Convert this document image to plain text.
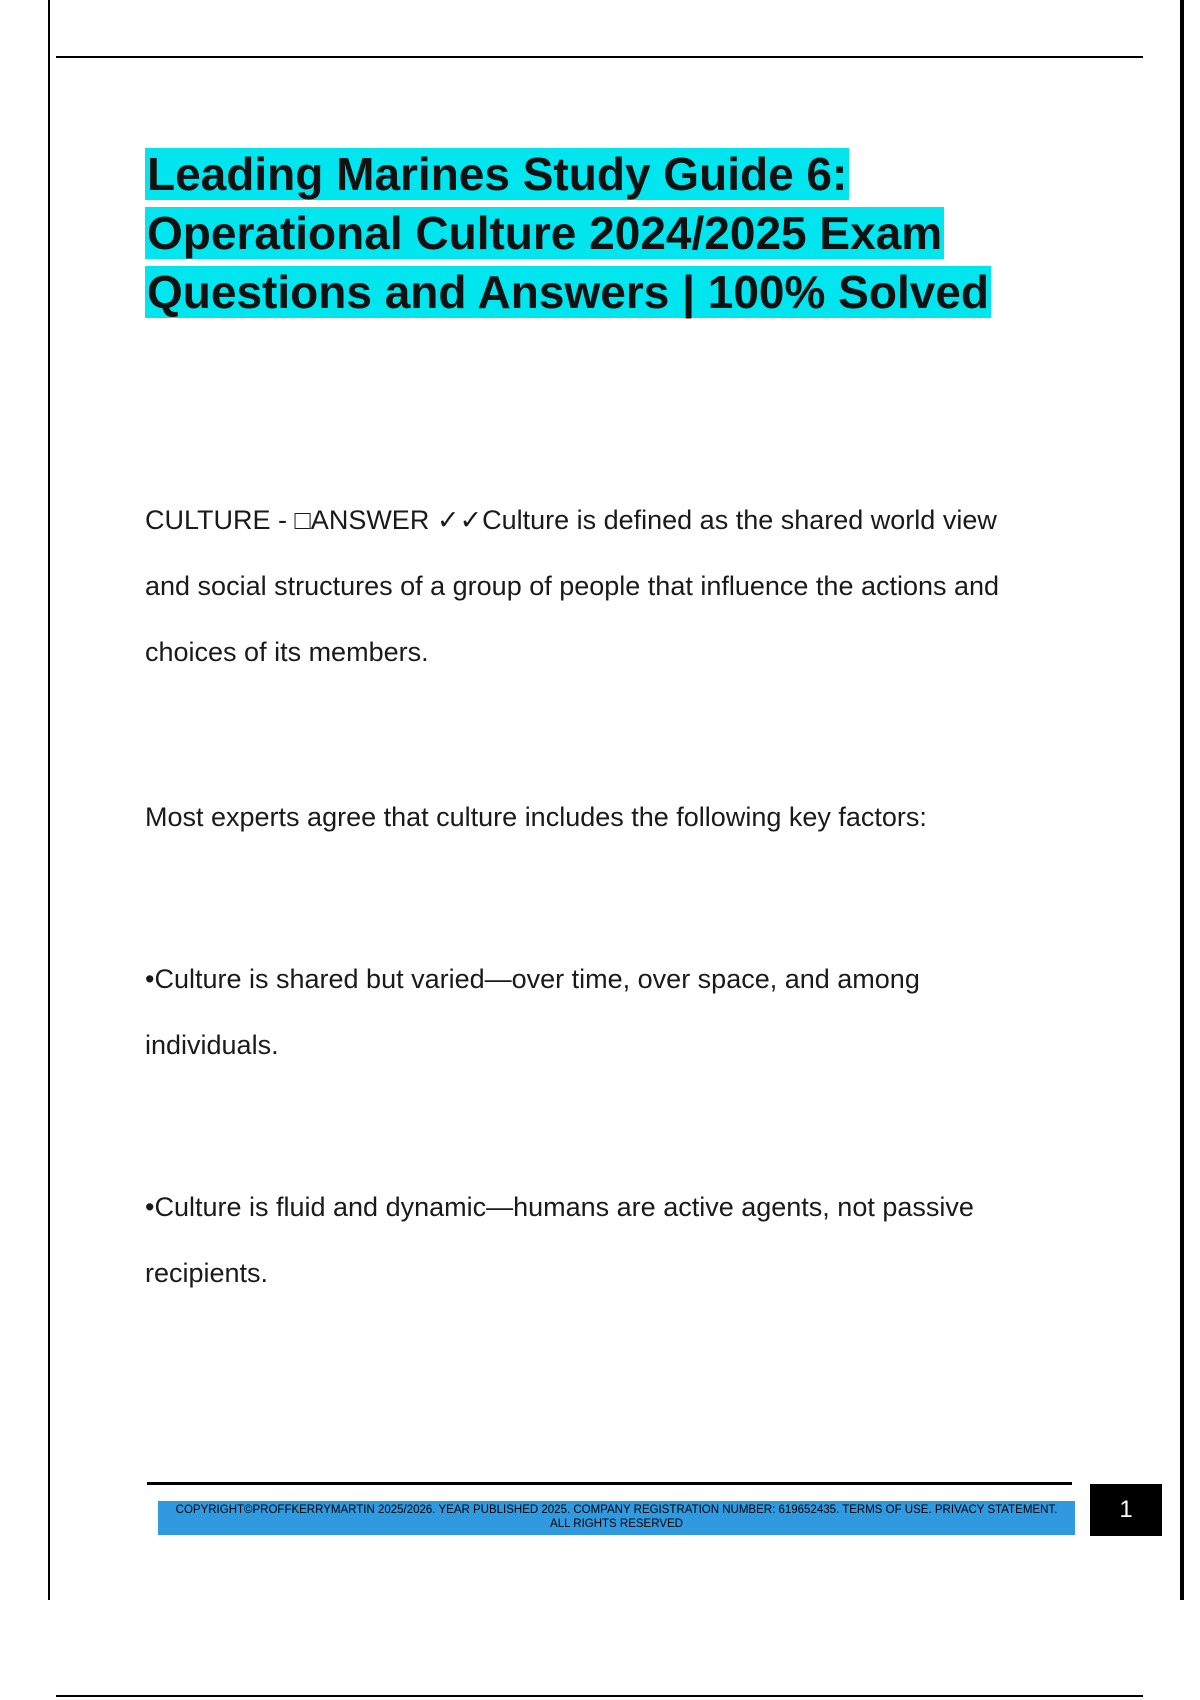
Leading Marines Study Guide 6:
Operational Culture 2024/2025 Exam
Questions and Answers | 100% Solved

CULTURE - □ANSWER ✓✓Culture is defined as the shared world view and social structures of a group of people that influence the actions and choices of its members.

Most experts agree that culture includes the following key factors:

•Culture is shared but varied—over time, over space, and among individuals.

•Culture is fluid and dynamic—humans are active agents, not passive recipients.

COPYRIGHT©PROFFKERRYMARTIN 2025/2026. YEAR PUBLISHED 2025. COMPANY REGISTRATION NUMBER: 619652435. TERMS OF USE. PRIVACY STATEMENT.
ALL RIGHTS RESERVED
1
